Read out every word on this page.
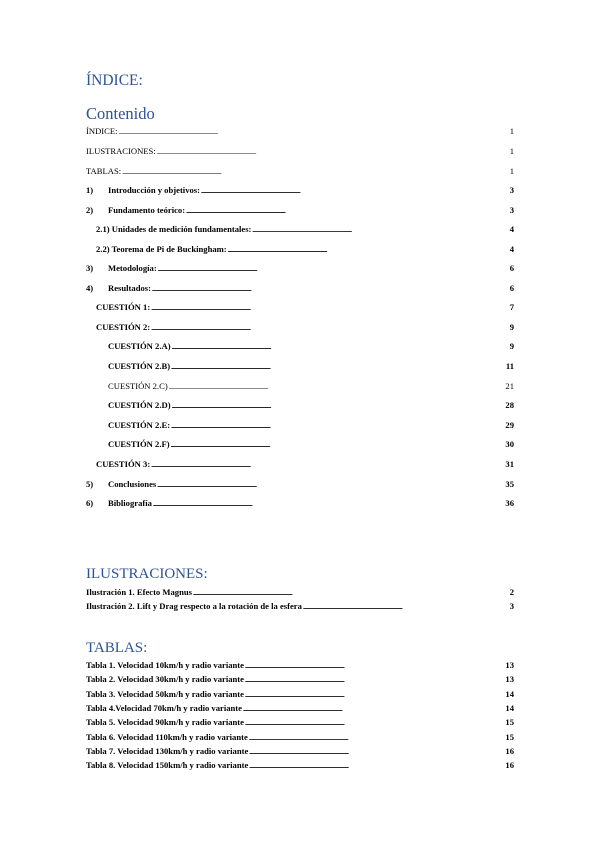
ÍNDICE:
Contenido
ÍNDICE: . . .	1
ILUSTRACIONES: . . .	1
TABLAS: . . .	1
1)	Introducción y objetivos: . . .	3
2)	Fundamento teórico: . . .	3
2.1) Unidades de medición fundamentales: . . .	4
2.2) Teorema de Pi de Buckingham: . . .	4
3)	Metodología: . . .	6
4)	Resultados: . . .	6
CUESTIÓN 1: . . .	7
CUESTIÓN 2: . . .	9
CUESTIÓN 2.A) . . .	9
CUESTIÓN 2.B) . . .	11
CUESTIÓN 2.C) . . .	21
CUESTIÓN 2.D) . . .	28
CUESTIÓN 2.E: . . .	29
CUESTIÓN 2.F) . . .	30
CUESTIÓN 3: . . .	31
5)	Conclusiones . . .	35
6)	Bibliografía . . .	36
ILUSTRACIONES:
Ilustración 1. Efecto Magnus . . .	2
Ilustración 2. Lift y Drag respecto a la rotación de la esfera . . .	3
TABLAS:
Tabla 1. Velocidad 10km/h y radio variante . . .	13
Tabla 2. Velocidad 30km/h y radio variante . . .	13
Tabla 3. Velocidad 50km/h y radio variante . . .	14
Tabla 4.Velocidad 70km/h y radio variante . . .	14
Tabla 5. Velocidad 90km/h y radio variante . . .	15
Tabla 6. Velocidad 110km/h y radio variante . . .	15
Tabla 7. Velocidad 130km/h y radio variante . . .	16
Tabla 8. Velocidad 150km/h y radio variante . . .	16
